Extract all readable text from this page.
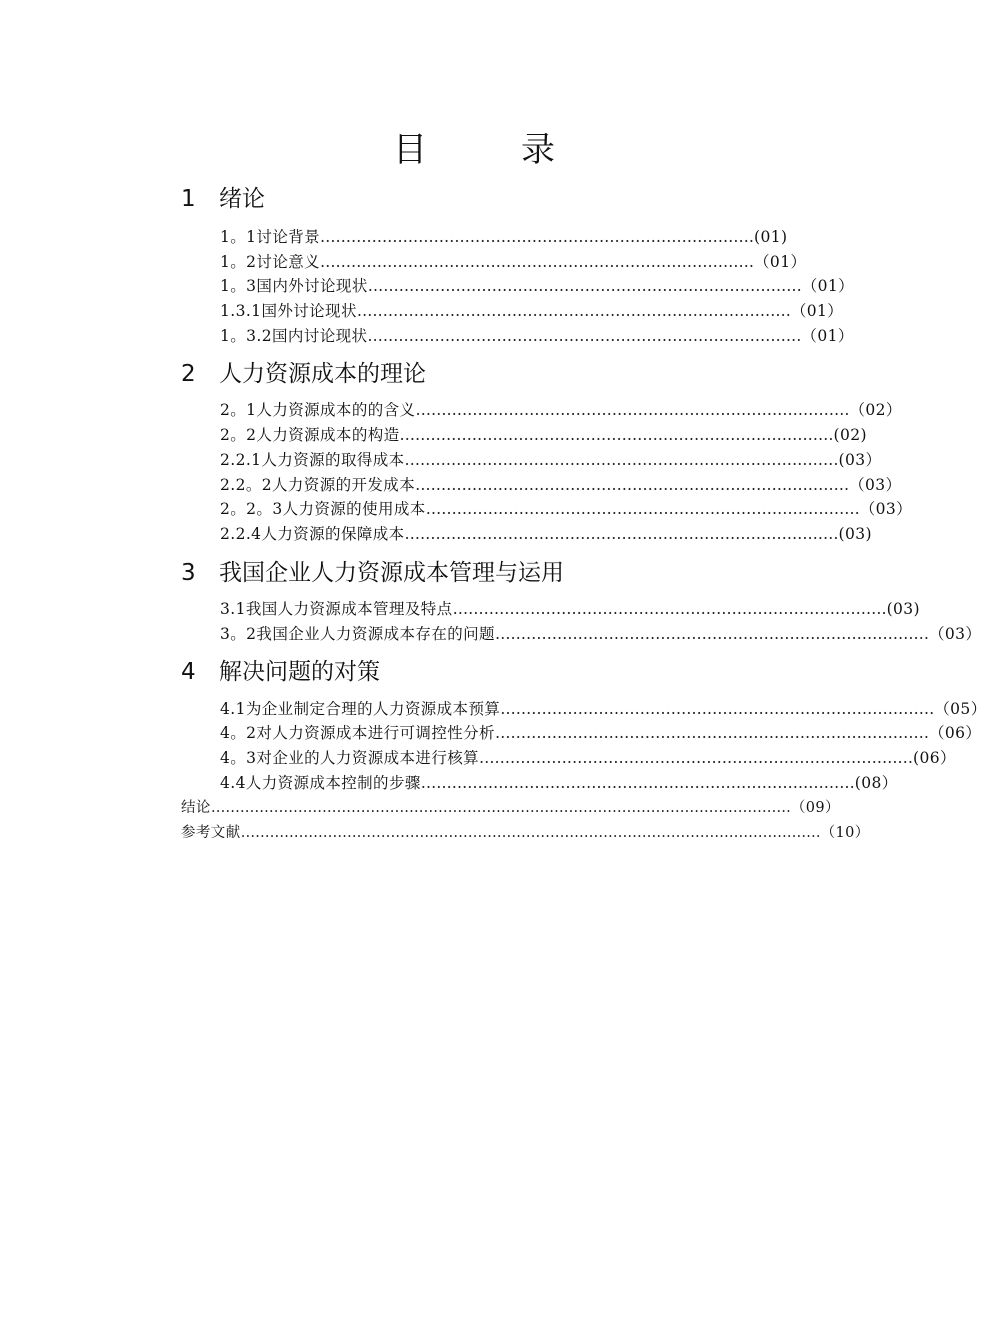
目	录
1 绪论
1。1讨论背景 ………………………………………………………………………… (01)
1。2讨论意义 ………………………………………………………………………… （01）
1。3国内外讨论现状 ………………………………………………………………………… （01）
1.3.1国外讨论现状 ………………………………………………………………………… （01）
1。3.2国内讨论现状 ………………………………………………………………………… （01）
2 人力资源成本的理论
2。1人力资源成本的的含义 ………………………………………………………………………… （02）
2。2人力资源成本的构造 ………………………………………………………………………… (02)
2.2.1人力资源的取得成本 ………………………………………………………………………… (03）
2.2。2人力资源的开发成本 ………………………………………………………………………… （03）
2。2。3人力资源的使用成本 ………………………………………………………………………… （03）
2.2.4人力资源的保障成本 ………………………………………………………………………… (03)
3 我国企业人力资源成本管理与运用
3.1我国人力资源成本管理及特点 ………………………………………………………………………… (03)
3。2我国企业人力资源成本存在的问题 ………………………………………………………………………… （03）
4 解决问题的对策
4.1为企业制定合理的人力资源成本预算 ………………………………………………………………………… （05）
4。2对人力资源成本进行可调控性分析 ………………………………………………………………………… （06）
4。3对企业的人力资源成本进行核算 ………………………………………………………………………… (06）
4.4人力资源成本控制的步骤 ………………………………………………………………………… (08）
结论 ………………………………………………………………………………………………………… （09）
参考文献 ………………………………………………………………………………………………………… （10）
